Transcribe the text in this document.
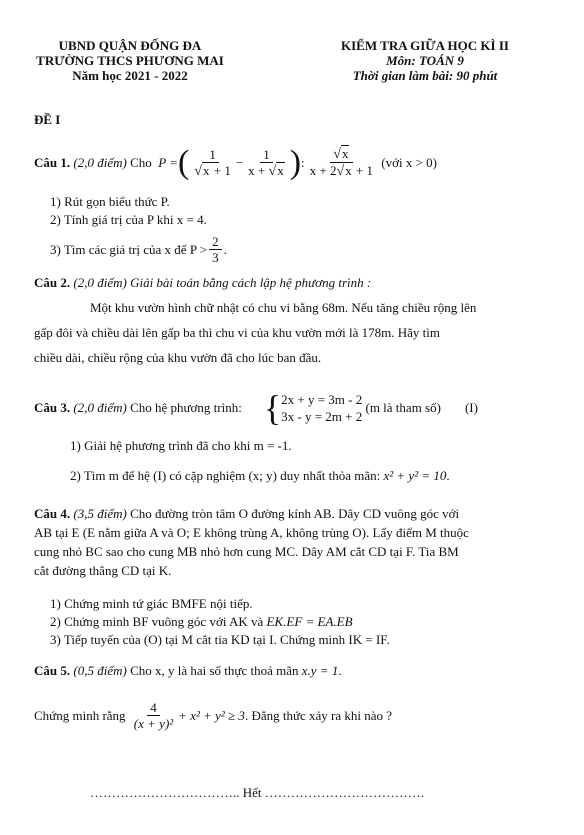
UBND QUẬN ĐỐNG ĐA
TRƯỜNG THCS PHƯƠNG MAI
Năm học 2021 - 2022
KIỂM TRA GIỮA HỌC KÌ II
Môn: TOÁN 9
Thời gian làm bài: 90 phút
ĐỀ I
Câu 1.
(2,0 điểm)
Cho
P = ( $\frac{1}{√x + 1} - \frac{1}{x + √x}$ ) : $\frac{√x}{x + 2√x + 1}$
(với x > 0)
1) Rút gọn biểu thức P.
2) Tính giá trị của P khi x = 4.
3) Tìm các giá trị của x để $P > \frac{2}{3}$ .
Câu 2. (2,0 điểm) Giải bài toán bằng cách lập hệ phương trình :
Một khu vườn hình chữ nhật có chu vi bằng 68m. Nếu tăng chiều rộng lên
gấp đôi và chiều dài lên gấp ba thì chu vi của khu vườn mới là 178m. Hãy tìm
chiều dài, chiều rộng của khu vườn đã cho lúc ban đầu.
Câu 3.
(2,0 điểm)
Cho hệ phương trình: { 2x + y = 3m - 2
3x - y = 2m + 2

(m là tham số) (I)
1) Giải hệ phương trình đã cho khi m = -1.
2) Tìm m để hệ (I) có cặp nghiệm (x; y) duy nhất thỏa mãn: x² + y² = 10.
Câu 4. (3,5 điểm) Cho đường tròn tâm O đường kính AB. Dây CD vuông góc với
AB tại E (E nằm giữa A và O; E không trùng A, không trùng O). Lấy điểm M thuộc
cung nhỏ BC sao cho cung MB nhỏ hơn cung MC. Dây AM cắt CD tại F. Tia BM
cắt đường thẳng CD tại K.
1) Chứng minh tứ giác BMFE nội tiếp.
2) Chứng minh BF vuông góc với AK và EK.EF = EA.EB
3) Tiếp tuyến của (O) tại M cắt tia KD tại I. Chứng minh IK = IF.
Câu 5. (0,5 điểm) Cho x, y là hai số thực thoả mãn x.y = 1.
Chứng minh rằng
$\frac{4}{\text{(x + y)²}} + x^2 + y^2 \ge 3$ . Đẳng thức xảy ra khi nào ?
…………………………….. Hết ……………………………….
